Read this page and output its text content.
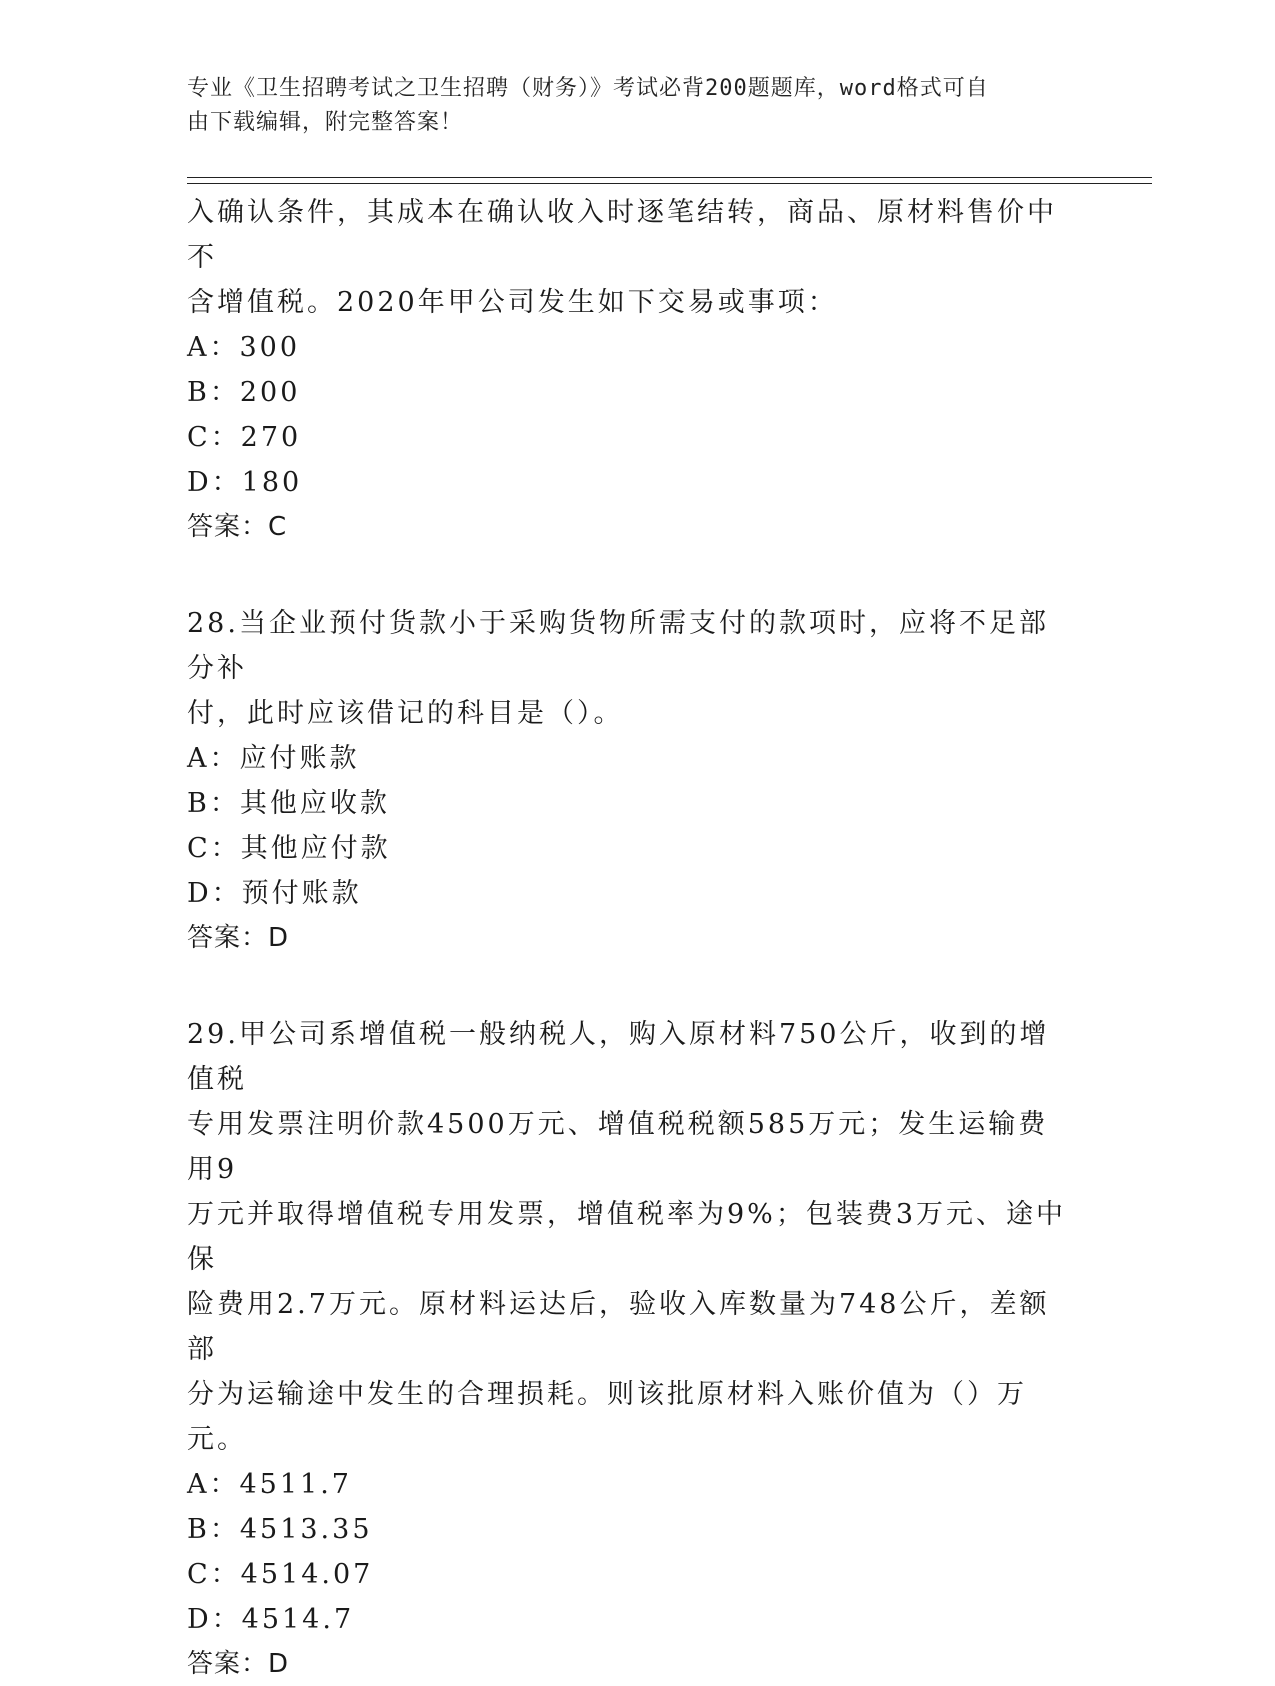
专业《卫生招聘考试之卫生招聘（财务）》考试必背200题题库，word格式可自
由下载编辑，附完整答案！

入确认条件，其成本在确认收入时逐笔结转，商品、原材料售价中不

含增值税。2020年甲公司发生如下交易或事项：

A：300

B：200

C：270

D：180

答案：C

28.当企业预付货款小于采购货物所需支付的款项时，应将不足部分补

付，此时应该借记的科目是（）。

A：应付账款

B：其他应收款

C：其他应付款

D：预付账款

答案：D

29.甲公司系增值税一般纳税人，购入原材料750公斤，收到的增值税

专用发票注明价款4500万元、增值税税额585万元；发生运输费用9

万元并取得增值税专用发票，增值税率为9%；包装费3万元、途中保

险费用2.7万元。原材料运达后，验收入库数量为748公斤，差额部

分为运输途中发生的合理损耗。则该批原材料入账价值为（）万元。

A：4511.7

B：4513.35

C：4514.07

D：4514.7

答案：D
